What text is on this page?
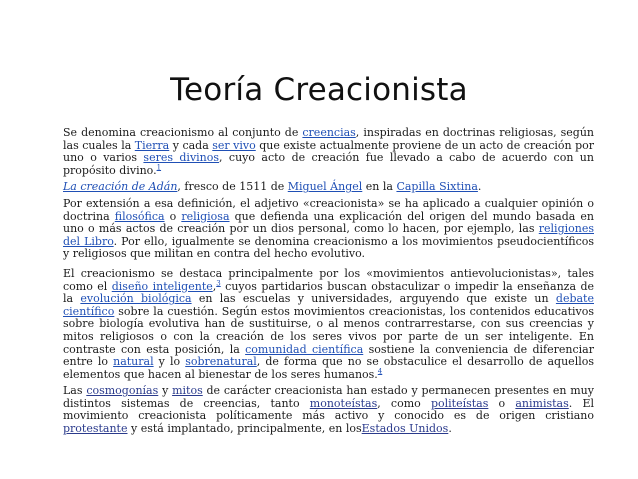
Teoría Creacionista

Se denomina creacionismo al conjunto de creencias, inspiradas en doctrinas religiosas, según las cuales la Tierra y cada ser vivo que existe actualmente proviene de un acto de creación por uno o varios seres divinos, cuyo acto de creación fue llevado a cabo de acuerdo con un propósito divino.$^1$

La creación de Adán, fresco de 1511 de Miguel Ángel en la Capilla Sixtina.

Por extensión a esa definición, el adjetivo «creacionista» se ha aplicado a cualquier opinión o doctrina filosófica o religiosa que defienda una explicación del origen del mundo basada en uno o más actos de creación por un dios personal, como lo hacen, por ejemplo, las religiones del Libro. Por ello, igualmente se denomina creacionismo a los movimientos pseudocientíficos y religiosos que militan en contra del hecho evolutivo.

El creacionismo se destaca principalmente por los «movimientos antievolucionistas», tales como el diseño inteligente,$^3$ cuyos partidarios buscan obstaculizar o impedir la enseñanza de la evolución biológica en las escuelas y universidades, arguyendo que existe un debate científico sobre la cuestión. Según estos movimientos creacionistas, los contenidos educativos sobre biología evolutiva han de sustituirse, o al menos contrarrestarse, con sus creencias y mitos religiosos o con la creación de los seres vivos por parte de un ser inteligente. En contraste con esta posición, la comunidad científica sostiene la conveniencia de diferenciar entre lo natural y lo sobrenatural, de forma que no se obstaculice el desarrollo de aquellos elementos que hacen al bienestar de los seres humanos.$^4$

Las cosmogonías y mitos de carácter creacionista han estado y permanecen presentes en muy distintos sistemas de creencias, tanto monoteístas, como politeístas o animistas. El movimiento creacionista políticamente más activo y conocido es de origen cristiano protestante y está implantado, principalmente, en losEstados Unidos.
